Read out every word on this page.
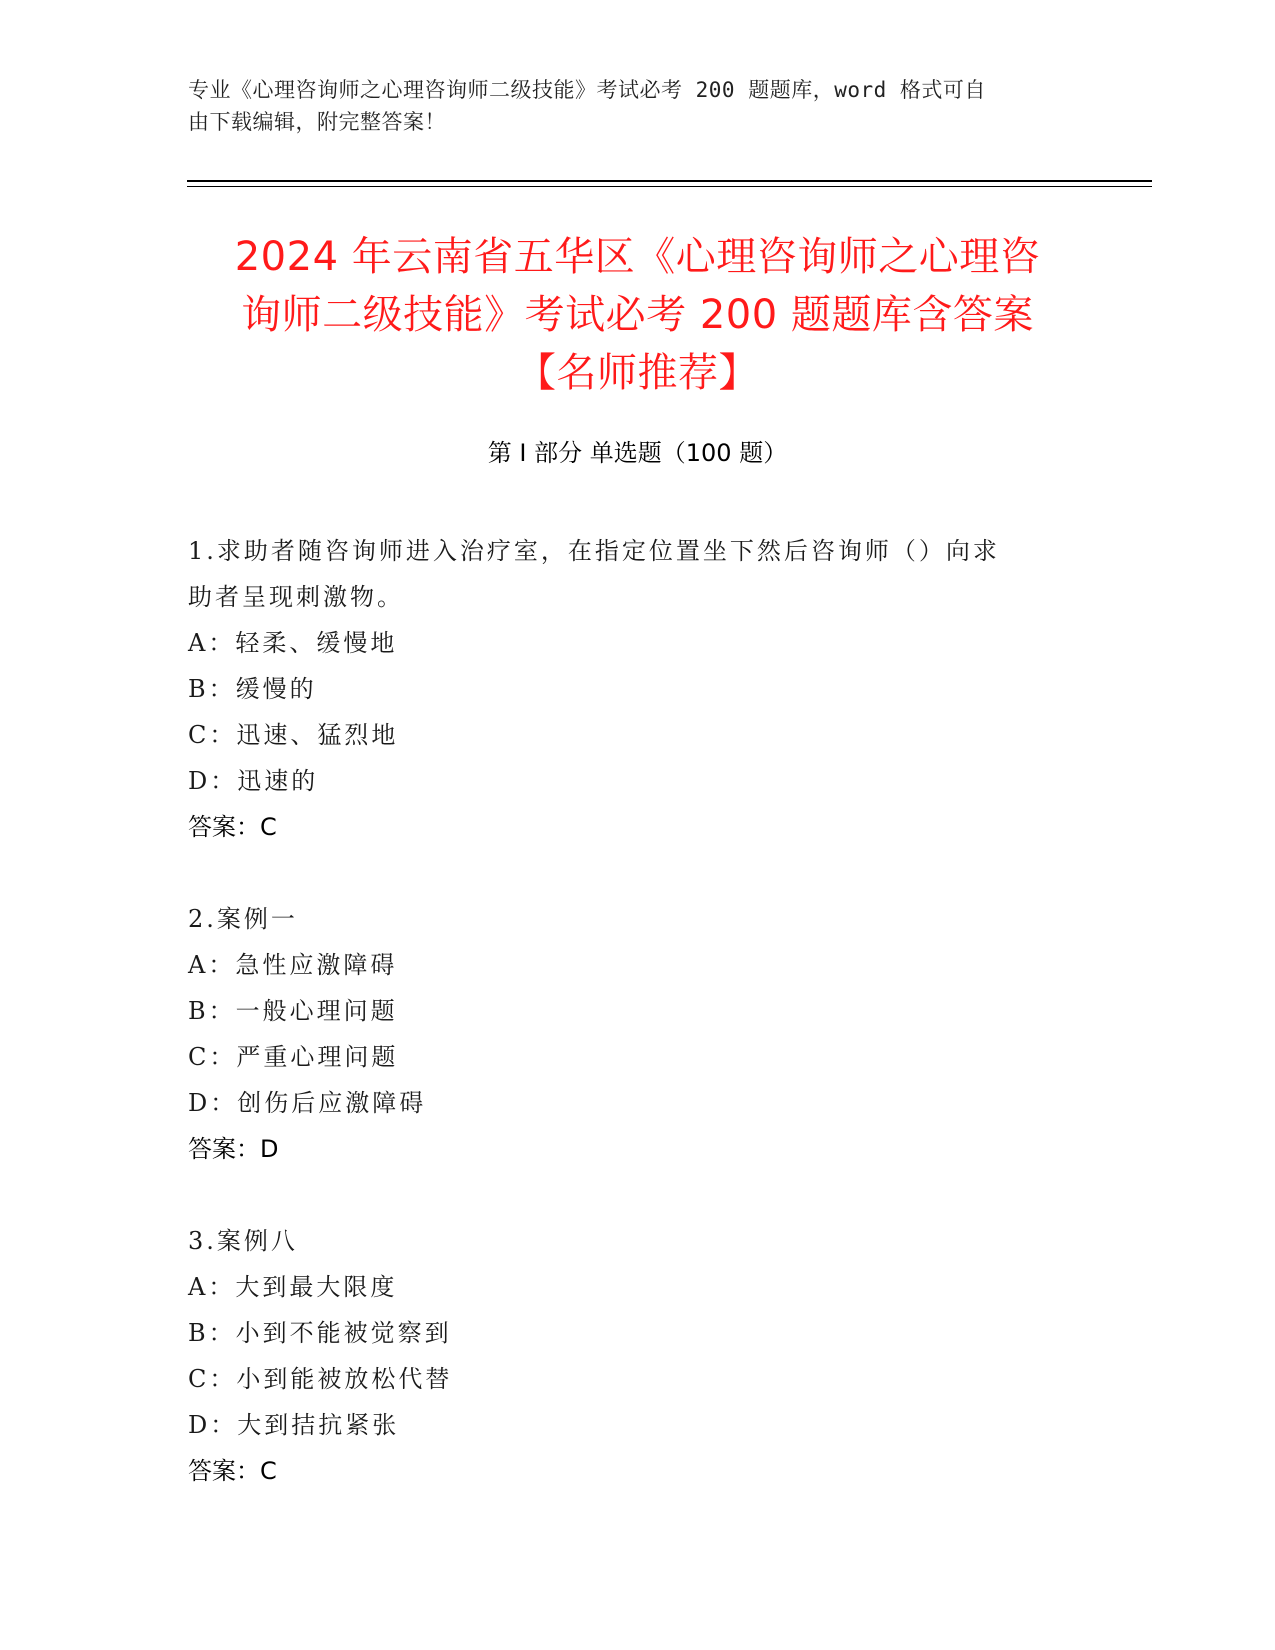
专业《心理咨询师之心理咨询师二级技能》考试必考 200 题题库，word 格式可自
由下载编辑，附完整答案！
2024 年云南省五华区《心理咨询师之心理咨
询师二级技能》考试必考 200 题题库含答案
【名师推荐】
第 I 部分 单选题（100 题）
1.求助者随咨询师进入治疗室，在指定位置坐下然后咨询师（）向求
助者呈现刺激物。
A：轻柔、缓慢地
B：缓慢的
C：迅速、猛烈地
D：迅速的
答案：C
2.案例一
A：急性应激障碍
B：一般心理问题
C：严重心理问题
D：创伤后应激障碍
答案：D
3.案例八
A：大到最大限度
B：小到不能被觉察到
C：小到能被放松代替
D：大到拮抗紧张
答案：C
